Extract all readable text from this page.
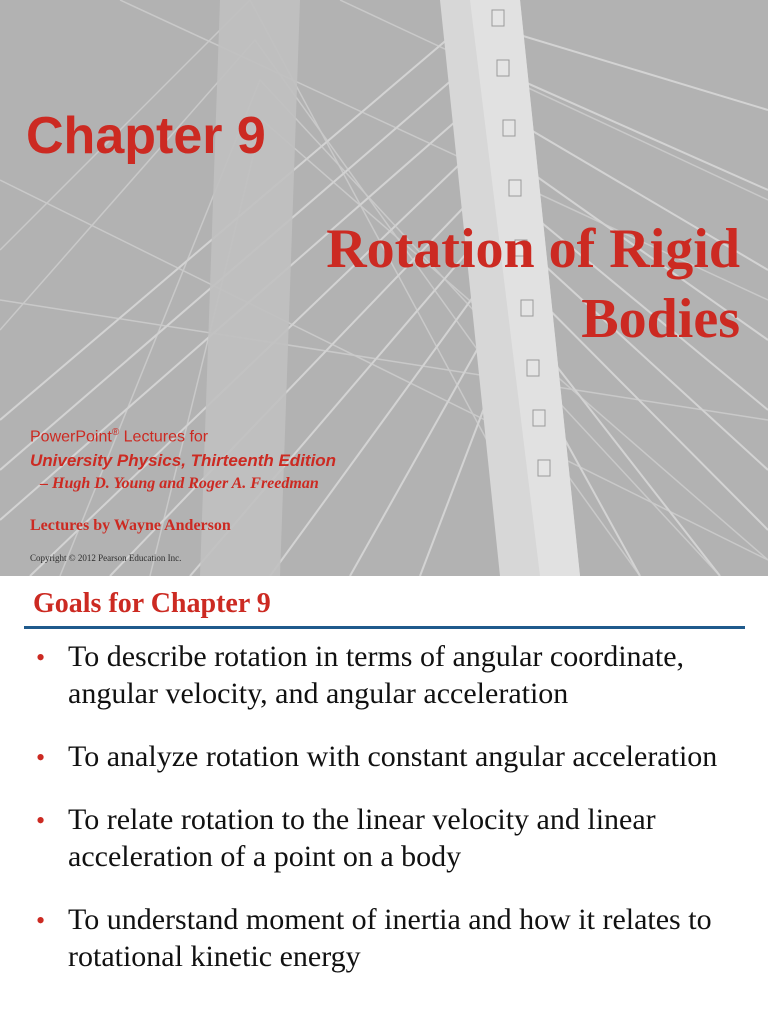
Chapter 9
Rotation of Rigid
Bodies
PowerPoint® Lectures for
University Physics, Thirteenth Edition
– Hugh D. Young and Roger A. Freedman
Lectures by Wayne Anderson
Copyright © 2012 Pearson Education Inc.
Goals for Chapter 9
• To describe rotation in terms of angular coordinate, angular velocity, and angular acceleration
• To analyze rotation with constant angular acceleration
• To relate rotation to the linear velocity and linear acceleration of a point on a body
• To understand moment of inertia and how it relates to rotational kinetic energy
